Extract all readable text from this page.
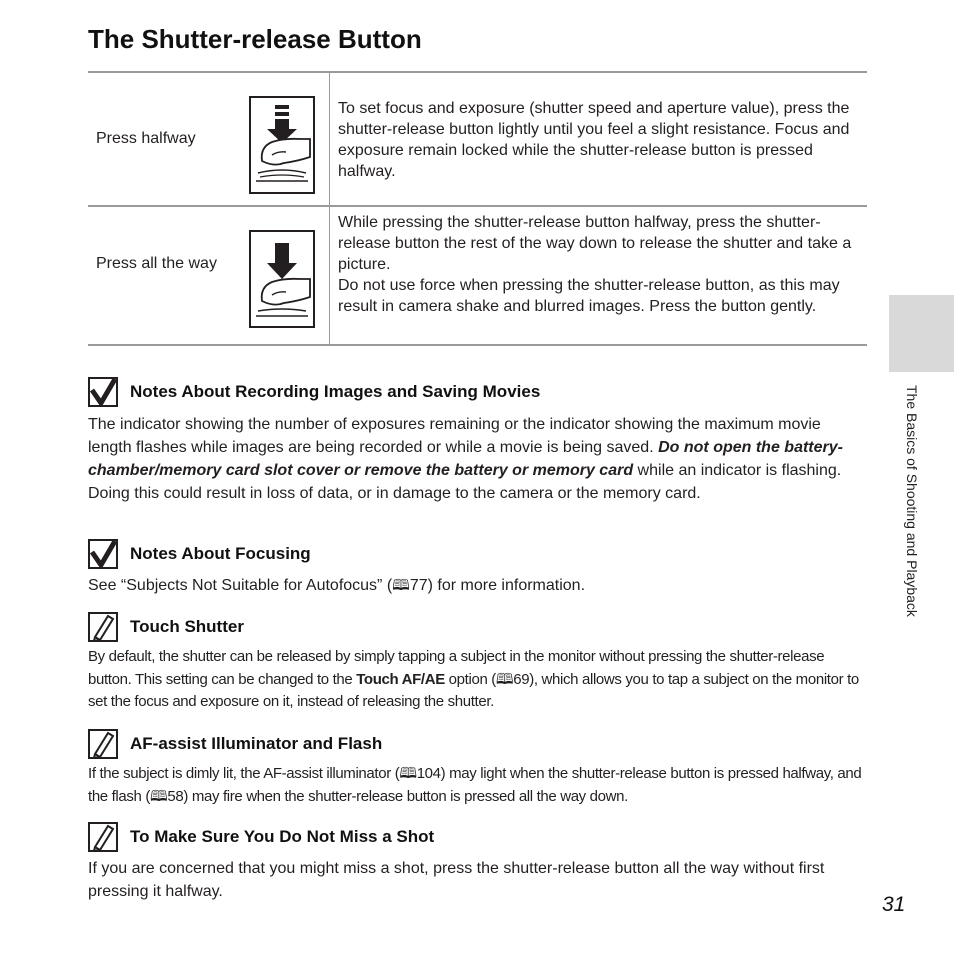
The Shutter-release Button
Press halfway
To set focus and exposure (shutter speed and aperture value), press the shutter-release button lightly until you feel a slight resistance. Focus and exposure remain locked while the shutter-release button is pressed halfway.
Press all the way
While pressing the shutter-release button halfway, press the shutter-release button the rest of the way down to release the shutter and take a picture.
Do not use force when pressing the shutter-release button, as this may result in camera shake and blurred images. Press the button gently.
Notes About Recording Images and Saving Movies
The indicator showing the number of exposures remaining or the indicator showing the maximum movie length flashes while images are being recorded or while a movie is being saved. Do not open the battery-chamber/memory card slot cover or remove the battery or memory card while an indicator is flashing. Doing this could result in loss of data, or in damage to the camera or the memory card.
Notes About Focusing
See “Subjects Not Suitable for Autofocus” (🕮77) for more information.
Touch Shutter
By default, the shutter can be released by simply tapping a subject in the monitor without pressing the shutter-release button. This setting can be changed to the Touch AF/AE option (🕮69), which allows you to tap a subject on the monitor to set the focus and exposure on it, instead of releasing the shutter.
AF-assist Illuminator and Flash
If the subject is dimly lit, the AF-assist illuminator (🕮104) may light when the shutter-release button is pressed halfway, and the flash (🕮58) may fire when the shutter-release button is pressed all the way down.
To Make Sure You Do Not Miss a Shot
If you are concerned that you might miss a shot, press the shutter-release button all the way without first pressing it halfway.
The Basics of Shooting and Playback
31
